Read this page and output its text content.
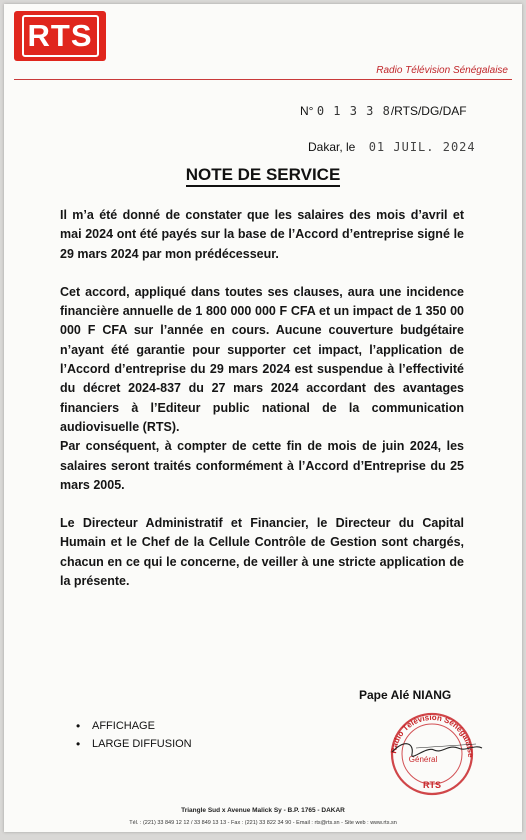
RTS
Radio Télévision Sénégalaise
N° 0 1 3 3 8/RTS/DG/DAF
Dakar, le 01 JUIL. 2024
NOTE DE SERVICE

Il m’a été donné de constater que les salaires des mois d’avril et mai 2024 ont été payés sur la base de l’Accord d’entreprise signé le 29 mars 2024 par mon prédécesseur.

Cet accord, appliqué dans toutes ses clauses, aura une incidence financière annuelle de 1 800 000 000 F CFA et un impact de 1 350 00 000 F CFA sur l’année en cours. Aucune couverture budgétaire n’ayant été garantie pour supporter cet impact, l’application de l’Accord d’entreprise du 29 mars 2024 est suspendue à l’effectivité du décret 2024-837 du 27 mars 2024 accordant des avantages financiers à l’Editeur public national de la communication audiovisuelle (RTS).

Par conséquent, à compter de cette fin de mois de juin 2024, les salaires seront traités conformément à l’Accord d’Entreprise du 25 mars 2005.

Le Directeur Administratif et Financier, le Directeur du Capital Humain et le Chef de la Cellule Contrôle de Gestion sont chargés, chacun en ce qui le concerne, de veiller à une stricte application de la présente.

Pape Alé NIANG
Radio Télévision Sénégalaise
Général
RTS
• AFFICHAGE
• LARGE DIFFUSION
Triangle Sud x Avenue Malick Sy - B.P. 1765 - DAKAR
Tél. : (221) 33 849 12 12 / 33 849 13 13 - Fax : (221) 33 822 34 90 - Email : rts@rts.sn - Site web : www.rts.sn
